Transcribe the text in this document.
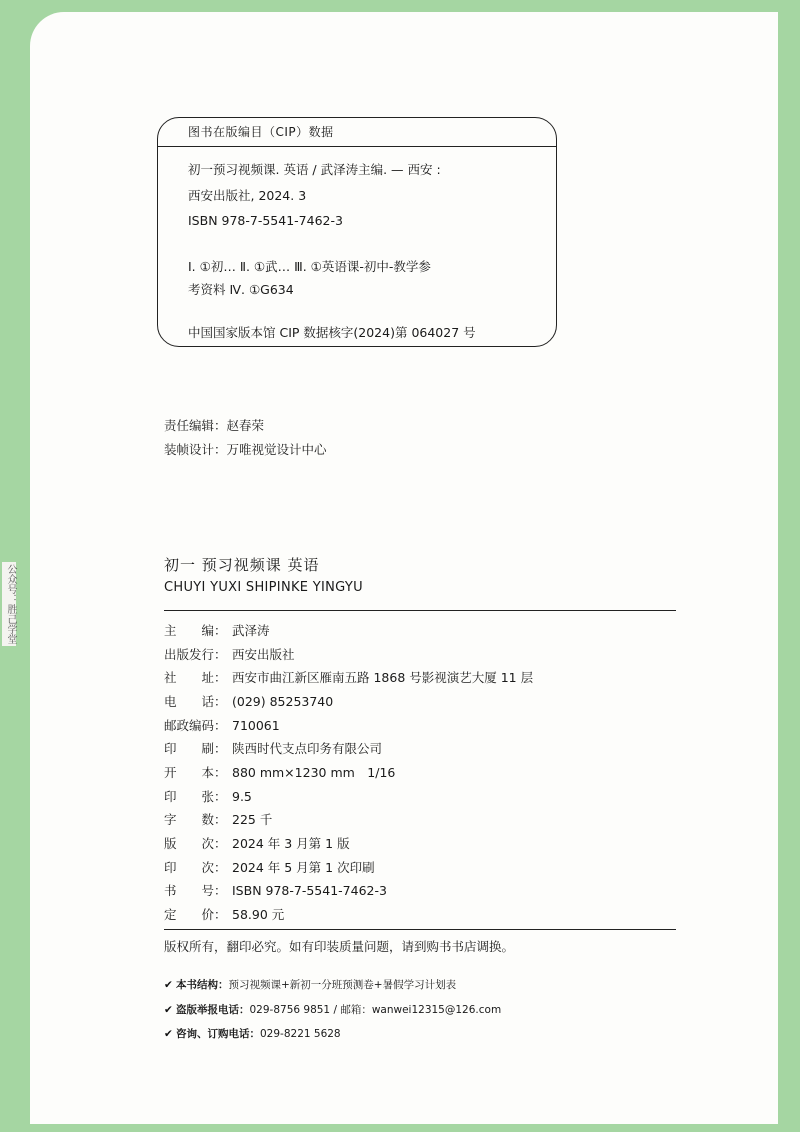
公众号：胜己学堂
图书在版编目（CIP）数据
初一预习视频课. 英语 / 武泽涛主编. — 西安 :
西安出版社, 2024. 3
ISBN 978-7-5541-7462-3
Ⅰ. ①初… Ⅱ. ①武… Ⅲ. ①英语课-初中-教学参
考资料 Ⅳ. ①G634
中国国家版本馆 CIP 数据核字(2024)第 064027 号
责任编辑：赵春荣
装帧设计：万唯视觉设计中心
初一 预习视频课 英语
CHUYI YUXI SHIPINKE YINGYU
主　　编： 武泽涛
出版发行： 西安出版社
社　　址： 西安市曲江新区雁南五路 1868 号影视演艺大厦 11 层
电　　话： (029) 85253740
邮政编码： 710061
印　　刷： 陕西时代支点印务有限公司
开　　本： 880 mm×1230 mm　1/16
印　　张： 9.5
字　　数： 225 千
版　　次： 2024 年 3 月第 1 版
印　　次： 2024 年 5 月第 1 次印刷
书　　号： ISBN 978-7-5541-7462-3
定　　价： 58.90 元
版权所有，翻印必究。如有印装质量问题，请到购书书店调换。
✔ 本书结构：预习视频课+新初一分班预测卷+暑假学习计划表
✔ 盗版举报电话：029-8756 9851 / 邮箱：wanwei12315@126.com
✔ 咨询、订购电话：029-8221 5628
